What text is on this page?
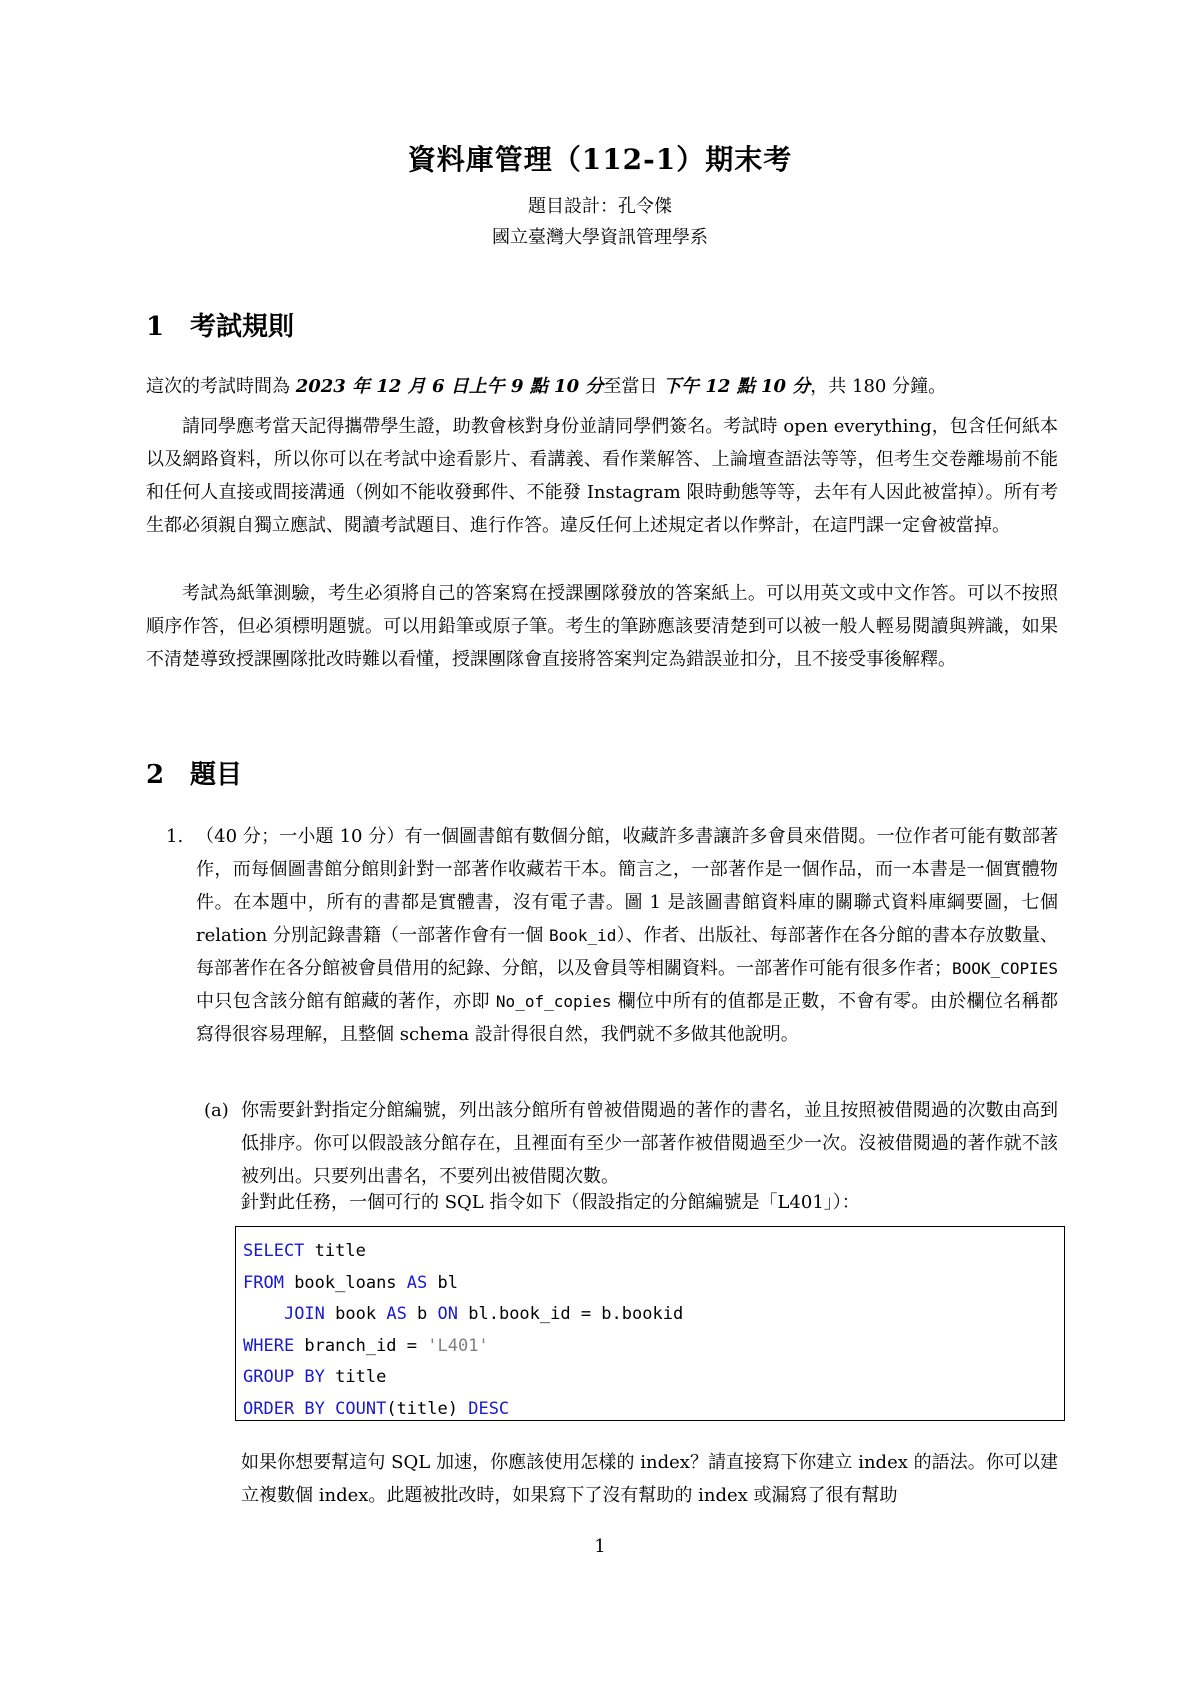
資料庫管理（112-1）期末考
題目設計：孔令傑
國立臺灣大學資訊管理學系
1 考試規則
這次的考試時間為 2023 年 12 月 6 日上午 9 點 10 分至當日 下午 12 點 10 分，共 180 分鐘。
請同學應考當天記得攜帶學生證，助教會核對身份並請同學們簽名。考試時 open everything，包含任何紙本以及網路資料，所以你可以在考試中途看影片、看講義、看作業解答、上論壇查語法等等，但考生交卷離場前不能和任何人直接或間接溝通（例如不能收發郵件、不能發 Instagram 限時動態等等，去年有人因此被當掉）。所有考生都必須親自獨立應試、閱讀考試題目、進行作答。違反任何上述規定者以作弊計，在這門課一定會被當掉。
考試為紙筆測驗，考生必須將自己的答案寫在授課團隊發放的答案紙上。可以用英文或中文作答。可以不按照順序作答，但必須標明題號。可以用鉛筆或原子筆。考生的筆跡應該要清楚到可以被一般人輕易閱讀與辨識，如果不清楚導致授課團隊批改時難以看懂，授課團隊會直接將答案判定為錯誤並扣分，且不接受事後解釋。
2 題目
1. （40 分；一小題 10 分）有一個圖書館有數個分館，收藏許多書讓許多會員來借閱。一位作者可能有數部著作，而每個圖書館分館則針對一部著作收藏若干本。簡言之，一部著作是一個作品，而一本書是一個實體物件。在本題中，所有的書都是實體書，沒有電子書。圖 1 是該圖書館資料庫的關聯式資料庫綱要圖，七個 relation 分別記錄書籍（一部著作會有一個 Book_id）、作者、出版社、每部著作在各分館的書本存放數量、每部著作在各分館被會員借用的紀錄、分館，以及會員等相關資料。一部著作可能有很多作者；BOOK_COPIES 中只包含該分館有館藏的著作，亦即 No_of_copies 欄位中所有的值都是正數，不會有零。由於欄位名稱都寫得很容易理解，且整個 schema 設計得很自然，我們就不多做其他說明。
(a) 你需要針對指定分館編號，列出該分館所有曾被借閱過的著作的書名，並且按照被借閱過的次數由高到低排序。你可以假設該分館存在，且裡面有至少一部著作被借閱過至少一次。沒被借閱過的著作就不該被列出。只要列出書名，不要列出被借閱次數。
針對此任務，一個可行的 SQL 指令如下（假設指定的分館編號是「L401」）：
SELECT title
FROM book_loans AS bl
JOIN book AS b ON bl.book_id = b.bookid
WHERE branch_id = 'L401'
GROUP BY title
ORDER BY COUNT(title) DESC
如果你想要幫這句 SQL 加速，你應該使用怎樣的 index？請直接寫下你建立 index 的語法。你可以建立複數個 index。此題被批改時，如果寫下了沒有幫助的 index 或漏寫了很有幫助
1
